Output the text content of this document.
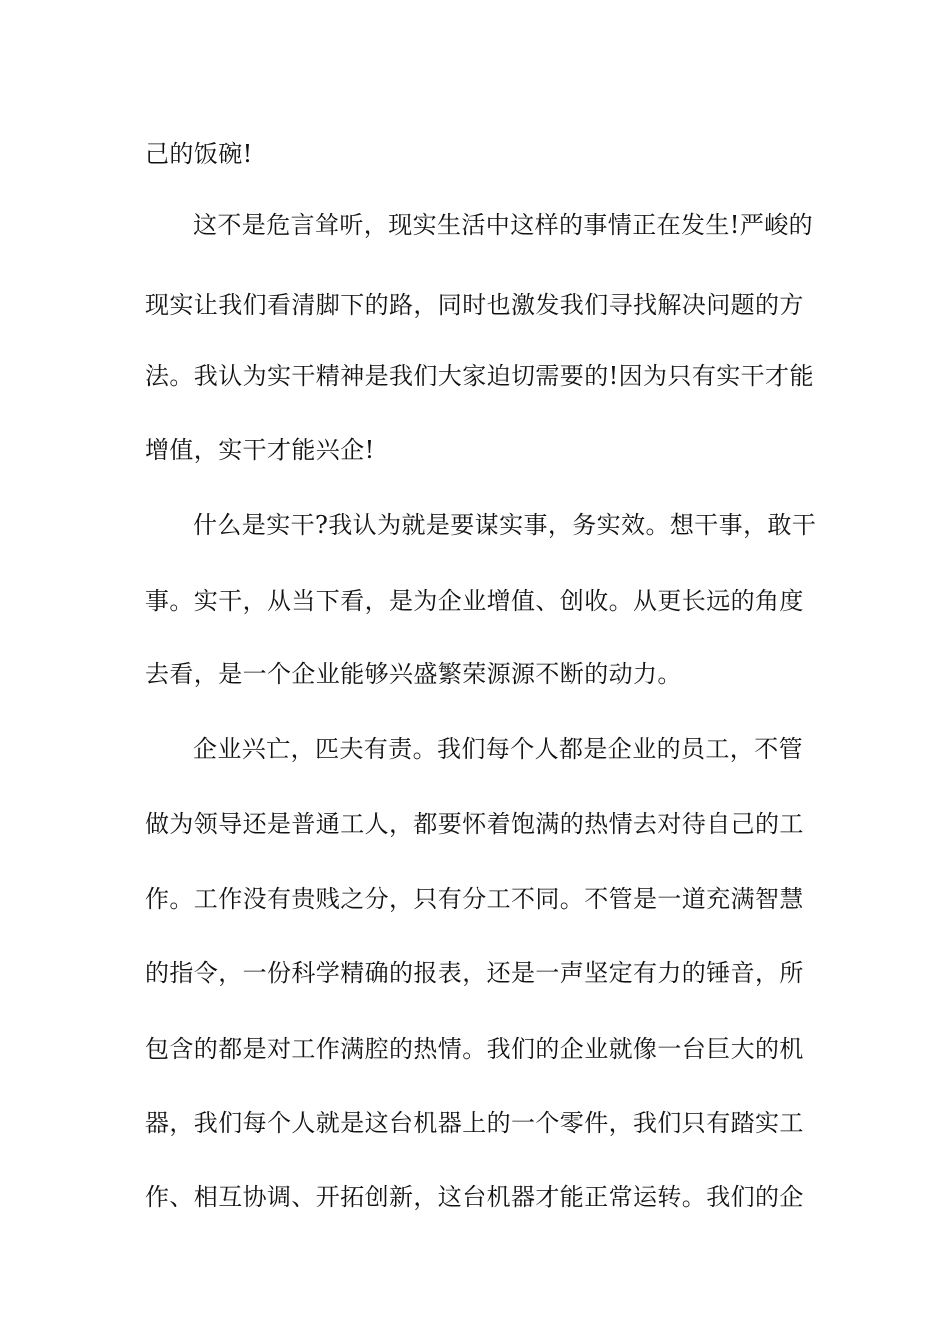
己的饭碗!
这不是危言耸听，现实生活中这样的事情正在发生!严峻的
现实让我们看清脚下的路，同时也激发我们寻找解决问题的方
法。我认为实干精神是我们大家迫切需要的!因为只有实干才能
增值，实干才能兴企!
什么是实干?我认为就是要谋实事，务实效。想干事，敢干
事。实干，从当下看，是为企业增值、创收。从更长远的角度
去看，是一个企业能够兴盛繁荣源源不断的动力。
企业兴亡，匹夫有责。我们每个人都是企业的员工，不管
做为领导还是普通工人，都要怀着饱满的热情去对待自己的工
作。工作没有贵贱之分，只有分工不同。不管是一道充满智慧
的指令，一份科学精确的报表，还是一声坚定有力的锤音，所
包含的都是对工作满腔的热情。我们的企业就像一台巨大的机
器，我们每个人就是这台机器上的一个零件，我们只有踏实工
作、相互协调、开拓创新，这台机器才能正常运转。我们的企
